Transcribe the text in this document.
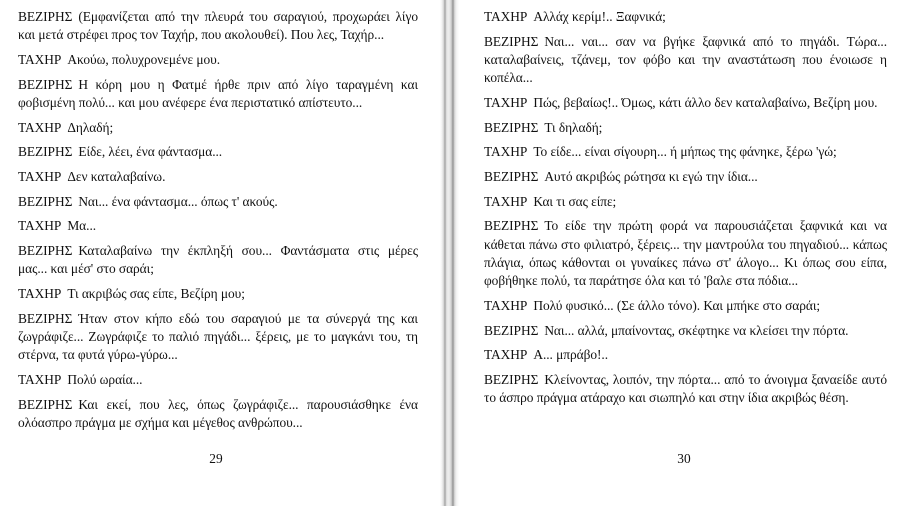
ΒΕΖΙΡΗΣ (Εμφανίζεται από την πλευρά του σαραγιού, προχωράει λίγο και μετά στρέφει προς τον Ταχήρ, που ακολουθεί). Που λες, Ταχήρ...

ΤΑΧΗΡ Ακούω, πολυχρονεμένε μου.

ΒΕΖΙΡΗΣ Η κόρη μου η Φατμέ ήρθε πριν από λίγο ταραγμένη και φοβισμένη πολύ... και μου ανέφερε ένα περιστατικό απίστευτο...

ΤΑΧΗΡ Δηλαδή;

ΒΕΖΙΡΗΣ Είδε, λέει, ένα φάντασμα...

ΤΑΧΗΡ Δεν καταλαβαίνω.

ΒΕΖΙΡΗΣ Ναι... ένα φάντασμα... όπως τ' ακούς.

ΤΑΧΗΡ Μα...

ΒΕΖΙΡΗΣ Καταλαβαίνω την έκπληξή σου... Φαντάσματα στις μέρες μας... και μέσ' στο σαράι;

ΤΑΧΗΡ Τι ακριβώς σας είπε, Βεζίρη μου;

ΒΕΖΙΡΗΣ Ήταν στον κήπο εδώ του σαραγιού με τα σύνεργά της και ζωγράφιζε... Ζωγράφιζε το παλιό πηγάδι... ξέρεις, με το μαγκάνι του, τη στέρνα, τα φυτά γύρω-γύρω...

ΤΑΧΗΡ Πολύ ωραία...

ΒΕΖΙΡΗΣ Και εκεί, που λες, όπως ζωγράφιζε... παρουσιάσθηκε ένα ολόασπρο πράγμα με σχήμα και μέγεθος ανθρώπου...

29

ΤΑΧΗΡ Αλλάχ κερίμ!.. Ξαφνικά;

ΒΕΖΙΡΗΣ Ναι... ναι... σαν να βγήκε ξαφνικά από το πηγάδι. Τώρα... καταλαβαίνεις, τζάνεμ, τον φόβο και την αναστάτωση που ένοιωσε η κοπέλα...

ΤΑΧΗΡ Πώς, βεβαίως!.. Όμως, κάτι άλλο δεν καταλαβαίνω, Βεζίρη μου.

ΒΕΖΙΡΗΣ Τι δηλαδή;

ΤΑΧΗΡ Το είδε... είναι σίγουρη... ή μήπως της φάνηκε, ξέρω 'γώ;

ΒΕΖΙΡΗΣ Αυτό ακριβώς ρώτησα κι εγώ την ίδια...

ΤΑΧΗΡ Και τι σας είπε;

ΒΕΖΙΡΗΣ Το είδε την πρώτη φορά να παρουσιάζεται ξαφνικά και να κάθεται πάνω στο φιλιατρό, ξέρεις... την μαντρούλα του πηγαδιού... κάπως πλάγια, όπως κάθονται οι γυναίκες πάνω στ' άλογο... Κι όπως σου είπα, φοβήθηκε πολύ, τα παράτησε όλα και τό 'βαλε στα πόδια...

ΤΑΧΗΡ Πολύ φυσικό... (Σε άλλο τόνο). Και μπήκε στο σαράι;

ΒΕΖΙΡΗΣ Ναι... αλλά, μπαίνοντας, σκέφτηκε να κλείσει την πόρτα.

ΤΑΧΗΡ Α... μπράβο!..

ΒΕΖΙΡΗΣ Κλείνοντας, λοιπόν, την πόρτα... από το άνοιγμα ξαναείδε αυτό το άσπρο πράγμα ατάραχο και σιωπηλό και στην ίδια ακριβώς θέση.

30
